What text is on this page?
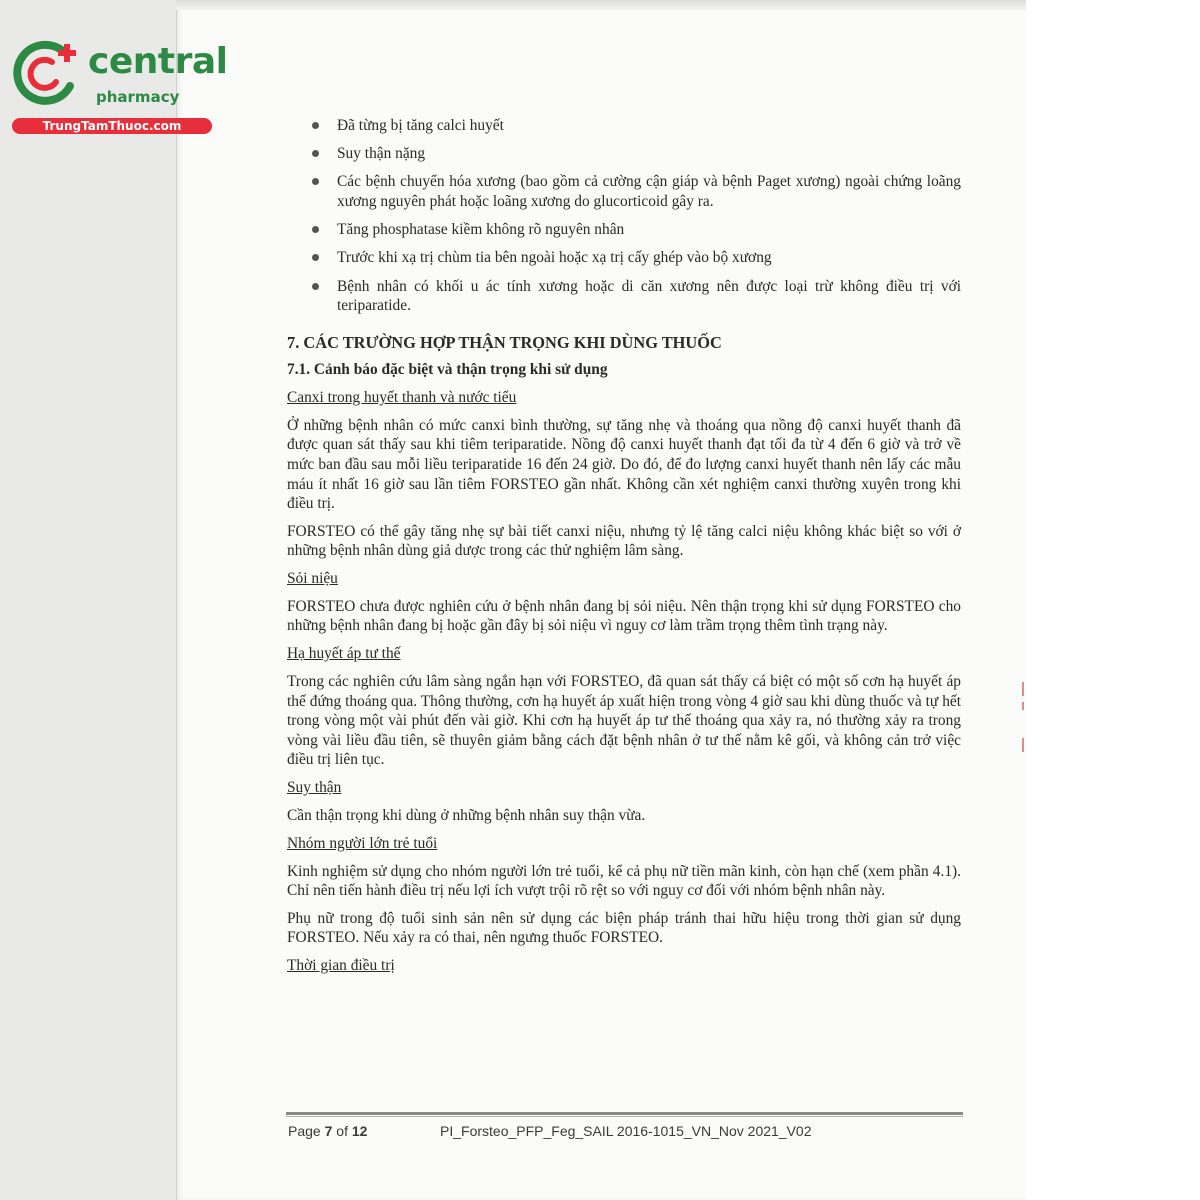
central
pharmacy
TrungTamThuoc.com	Đã từng bị tăng calci huyết
Suy thận nặng
Các bệnh chuyển hóa xương (bao gồm cả cường cận giáp và bệnh Paget xương) ngoài chứng loãng xương nguyên phát hoặc loãng xương do glucorticoid gây ra.
Tăng phosphatase kiềm không rõ nguyên nhân
Trước khi xạ trị chùm tia bên ngoài hoặc xạ trị cấy ghép vào bộ xương
Bệnh nhân có khối u ác tính xương hoặc di căn xương nên được loại trừ không điều trị với teriparatide.
7. CÁC TRƯỜNG HỢP THẬN TRỌNG KHI DÙNG THUỐC
7.1. Cảnh báo đặc biệt và thận trọng khi sử dụng
Canxi trong huyết thanh và nước tiểu

Ở những bệnh nhân có mức canxi bình thường, sự tăng nhẹ và thoáng qua nồng độ canxi huyết thanh đã được quan sát thấy sau khi tiêm teriparatide. Nồng độ canxi huyết thanh đạt tối đa từ 4 đến 6 giờ và trở về mức ban đầu sau mỗi liều teriparatide 16 đến 24 giờ. Do đó, để đo lượng canxi huyết thanh nên lấy các mẫu máu ít nhất 16 giờ sau lần tiêm FORSTEO gần nhất. Không cần xét nghiệm canxi thường xuyên trong khi điều trị.

FORSTEO có thể gây tăng nhẹ sự bài tiết canxi niệu, nhưng tỷ lệ tăng calci niệu không khác biệt so với ở những bệnh nhân dùng giả dược trong các thử nghiệm lâm sàng.

Sỏi niệu

FORSTEO chưa được nghiên cứu ở bệnh nhân đang bị sỏi niệu. Nên thận trọng khi sử dụng FORSTEO cho những bệnh nhân đang bị hoặc gần đây bị sỏi niệu vì nguy cơ làm trầm trọng thêm tình trạng này.

Hạ huyết áp tư thế

Trong các nghiên cứu lâm sàng ngắn hạn với FORSTEO, đã quan sát thấy cá biệt có một số cơn hạ huyết áp thế đứng thoáng qua. Thông thường, cơn hạ huyết áp xuất hiện trong vòng 4 giờ sau khi dùng thuốc và tự hết trong vòng một vài phút đến vài giờ. Khi cơn hạ huyết áp tư thế thoáng qua xảy ra, nó thường xảy ra trong vòng vài liều đầu tiên, sẽ thuyên giảm bằng cách đặt bệnh nhân ở tư thế nằm kê gối, và không cản trở việc điều trị liên tục.

Suy thận

Cần thận trọng khi dùng ở những bệnh nhân suy thận vừa.

Nhóm người lớn trẻ tuổi

Kinh nghiệm sử dụng cho nhóm người lớn trẻ tuổi, kể cả phụ nữ tiền mãn kinh, còn hạn chế (xem phần 4.1). Chỉ nên tiến hành điều trị nếu lợi ích vượt trội rõ rệt so với nguy cơ đối với nhóm bệnh nhân này.

Phụ nữ trong độ tuổi sinh sản nên sử dụng các biện pháp tránh thai hữu hiệu trong thời gian sử dụng FORSTEO. Nếu xảy ra có thai, nên ngưng thuốc FORSTEO.

Thời gian điều trị
Page 7 of 12	PI_Forsteo_PFP_Feg_SAIL 2016-1015_VN_Nov 2021_V02
